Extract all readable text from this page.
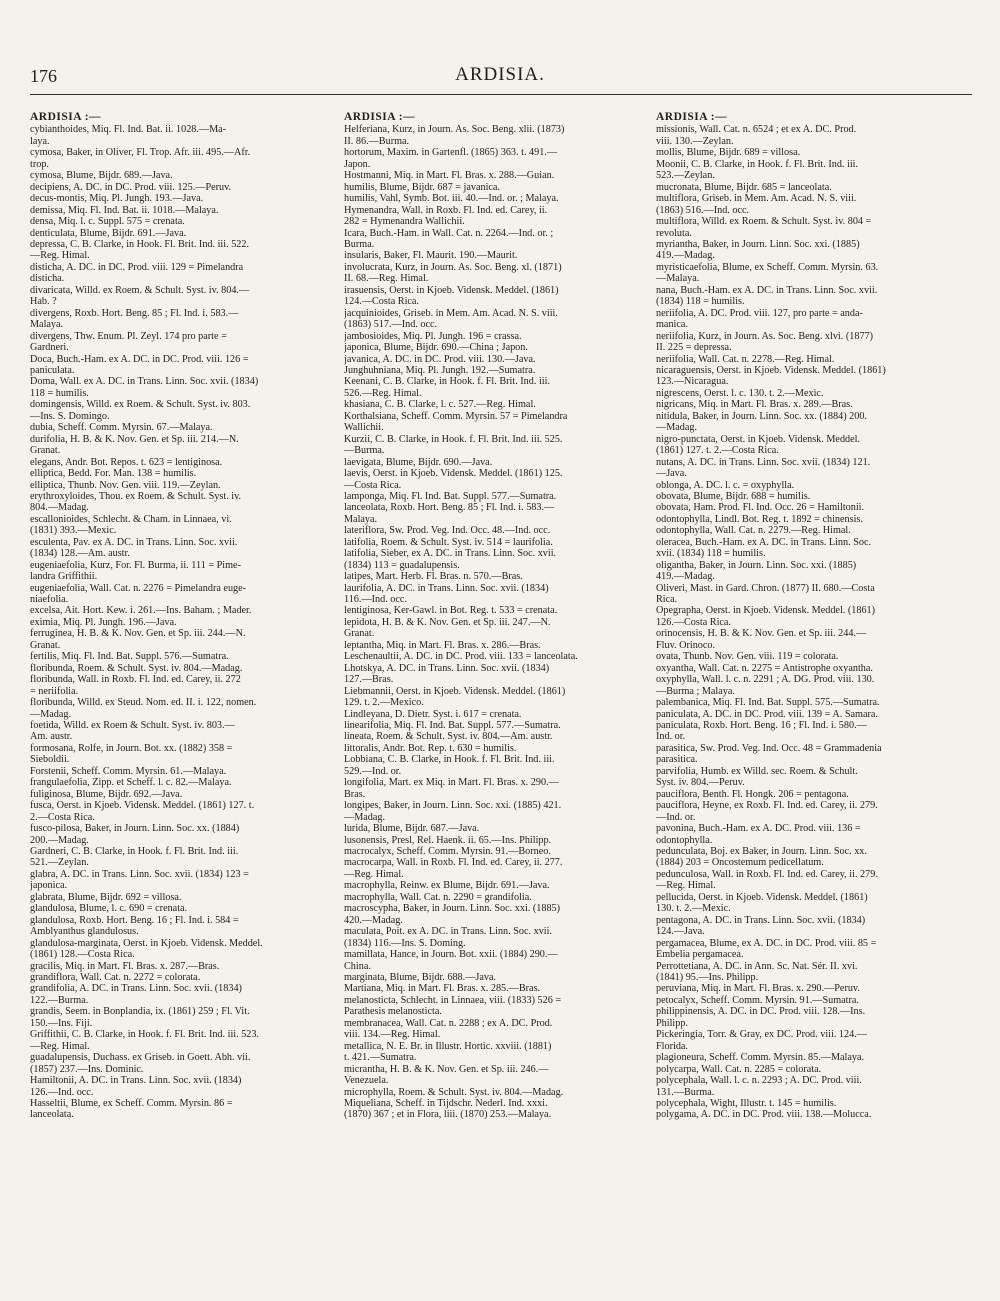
176	ARDISIA.
ARDISIA :—
cybianthoides, Miq. Fl. Ind. Bat. ii. 1028.—Ma-
laya.
cymosa, Baker, in Oliver, Fl. Trop. Afr. iii. 495.—Afr.
trop.
cymosa, Blume, Bijdr. 689.—Java.
decipiens, A. DC. in DC. Prod. viii. 125.—Peruv.
decus-montis, Miq. Pl. Jungh. 193.—Java.
demissa, Miq. Fl. Ind. Bat. ii. 1018.—Malaya.
densa, Miq. l. c. Suppl. 575 = crenata.
denticulata, Blume, Bijdr. 691.—Java.
depressa, C. B. Clarke, in Hook. Fl. Brit. Ind. iii. 522.
—Reg. Himal.
disticha, A. DC. in DC. Prod. viii. 129 = Pimelandra
disticha.
divaricata, Willd. ex Roem. & Schult. Syst. iv. 804.—
Hab. ?
divergens, Roxb. Hort. Beng. 85 ; Fl. Ind. i. 583.—
Malaya.
divergens, Thw. Enum. Pl. Zeyl. 174 pro parte =
Gardneri.
Doca, Buch.-Ham. ex A. DC. in DC. Prod. viii. 126 =
paniculata.
Doma, Wall. ex A. DC. in Trans. Linn. Soc. xvii. (1834)
118 = humilis.
domingensis, Willd. ex Roem. & Schult. Syst. iv. 803.
—Ins. S. Domingo.
dubia, Scheff. Comm. Myrsin. 67.—Malaya.
durifolia, H. B. & K. Nov. Gen. et Sp. iii. 214.—N.
Granat.
elegans, Andr. Bot. Repos. t. 623 = lentiginosa.
elliptica, Bedd. For. Man. 138 = humilis.
elliptica, Thunb. Nov. Gen. viii. 119.—Zeylan.
erythroxyloides, Thou. ex Roem. & Schult. Syst. iv.
804.—Madag.
escallonioides, Schlecht. & Cham. in Linnaea, vi.
(1831) 393.—Mexic.
esculenta, Pav. ex A. DC. in Trans. Linn. Soc. xvii.
(1834) 128.—Am. austr.
eugeniaefolia, Kurz, For. Fl. Burma, ii. 111 = Pime-
landra Griffithii.
eugeniaefolia, Wall. Cat. n. 2276 = Pimelandra euge-
niaefolia.
excelsa, Ait. Hort. Kew. i. 261.—Ins. Baham. ; Mader.
eximia, Miq. Pl. Jungh. 196.—Java.
ferruginea, H. B. & K. Nov. Gen. et Sp. iii. 244.—N.
Granat.
fertilis, Miq. Fl. Ind. Bat. Suppl. 576.—Sumatra.
floribunda, Roem. & Schult. Syst. iv. 804.—Madag.
floribunda, Wall. in Roxb. Fl. Ind. ed. Carey, ii. 272
= neriifolia.
floribunda, Willd. ex Steud. Nom. ed. II. i. 122, nomen.
—Madag.
foetida, Willd. ex Roem & Schult. Syst. iv. 803.—
Am. austr.
formosana, Rolfe, in Journ. Bot. xx. (1882) 358 =
Sieboldii.
Forstenii, Scheff. Comm. Myrsin. 61.—Malaya.
frangulaefolia, Zipp. et Scheff. l. c. 82.—Malaya.
fuliginosa, Blume, Bijdr. 692.—Java.
fusca, Oerst. in Kjoeb. Vidensk. Meddel. (1861) 127. t.
2.—Costa Rica.
fusco-pilosa, Baker, in Journ. Linn. Soc. xx. (1884)
200.—Madag.
Gardneri, C. B. Clarke, in Hook. f. Fl. Brit. Ind. iii.
521.—Zeylan.
glabra, A. DC. in Trans. Linn. Soc. xvii. (1834) 123 =
japonica.
glabrata, Blume, Bijdr. 692 = villosa.
glandulosa, Blume, l. c. 690 = crenata.
glandulosa, Roxb. Hort. Beng. 16 ; Fl. Ind. i. 584 =
Amblyanthus glandulosus.
glandulosa-marginata, Oerst. in Kjoeb. Vidensk. Meddel.
(1861) 128.—Costa Rica.
gracilis, Miq. in Mart. Fl. Bras. x. 287.—Bras.
grandiflora, Wall. Cat. n. 2272 = colorata.
grandifolia, A. DC. in Trans. Linn. Soc. xvii. (1834)
122.—Burma.
grandis, Seem. in Bonplandia, ix. (1861) 259 ; Fl. Vit.
150.—Ins. Fiji.
Griffithii, C. B. Clarke, in Hook. f. Fl. Brit. Ind. iii. 523.
—Reg. Himal.
guadalupensis, Duchass. ex Griseb. in Goett. Abh. vii.
(1857) 237.—Ins. Dominic.
Hamiltonii, A. DC. in Trans. Linn. Soc. xvii. (1834)
126.—Ind. occ.
Hasseltii, Blume, ex Scheff. Comm. Myrsin. 86 =
lanceolata.
ARDISIA :—
Helferiana, Kurz, in Journ. As. Soc. Beng. xlii. (1873)
II. 86.—Burma.
hortorum, Maxim. in Gartenfl. (1865) 363. t. 491.—
Japon.
Hostmanni, Miq. in Mart. Fl. Bras. x. 288.—Guian.
humilis, Blume, Bijdr. 687 = javanica.
humilis, Vahl, Symb. Bot. iii. 40.—Ind. or. ; Malaya.
Hymenandra, Wall. in Roxb. Fl. Ind. ed. Carey, ii.
282 = Hymenandra Wallichii.
Icara, Buch.-Ham. in Wall. Cat. n. 2264.—Ind. or. ;
Burma.
insularis, Baker, Fl. Maurit. 190.—Maurit.
involucrata, Kurz, in Journ. As. Soc. Beng. xl. (1871)
II. 68.—Reg. Himal.
irasuensis, Oerst. in Kjoeb. Vidensk. Meddel. (1861)
124.—Costa Rica.
jacquinioides, Griseb. in Mem. Am. Acad. N. S. viii.
(1863) 517.—Ind. occ.
jambosioides, Miq. Pl. Jungh. 196 = crassa.
japonica, Blume, Bijdr. 690.—China ; Japon.
javanica, A. DC. in DC. Prod. viii. 130.—Java.
Junghuhniana, Miq. Pl. Jungh. 192.—Sumatra.
Keenani, C. B. Clarke, in Hook. f. Fl. Brit. Ind. iii.
526.—Reg. Himal.
khasiana, C. B. Clarke, l. c. 527.—Reg. Himal.
Korthalsiana, Scheff. Comm. Myrsin. 57 = Pimelandra
Wallichii.
Kurzii, C. B. Clarke, in Hook. f. Fl. Brit. Ind. iii. 525.
—Burma.
laevigata, Blume, Bijdr. 690.—Java.
laevis, Oerst. in Kjoeb. Vidensk. Meddel. (1861) 125.
—Costa Rica.
lampongа, Miq. Fl. Ind. Bat. Suppl. 577.—Sumatra.
lanceolata, Roxb. Hort. Beng. 85 ; Fl. Ind. i. 583.—
Malaya.
lateriflora, Sw. Prod. Veg. Ind. Occ. 48.—Ind. occ.
latifolia, Roem. & Schult. Syst. iv. 514 = laurifolia.
latifolia, Sieber, ex A. DC. in Trans. Linn. Soc. xvii.
(1834) 113 = guadalupensis.
latipes, Mart. Herb. Fl. Bras. n. 570.—Bras.
laurifolia, A. DC. in Trans. Linn. Soc. xvii. (1834)
116.—Ind. occ.
lentiginosa, Ker-Gawl. in Bot. Reg. t. 533 = crenata.
lepidota, H. B. & K. Nov. Gen. et Sp. iii. 247.—N.
Granat.
leptantha, Miq. in Mart. Fl. Bras. x. 286.—Bras.
Leschenaultii, A. DC. in DC. Prod. viii. 133 = lanceolata.
Lhotskya, A. DC. in Trans. Linn. Soc. xvii. (1834)
127.—Bras.
Liebmannii, Oerst. in Kjoeb. Vidensk. Meddel. (1861)
129. t. 2.—Mexico.
Lindleyana, D. Dietr. Syst. i. 617 = crenata.
linearifolia, Miq. Fl. Ind. Bat. Suppl. 577.—Sumatra.
lineata, Roem. & Schult. Syst. iv. 804.—Am. austr.
littoralis, Andr. Bot. Rep. t. 630 = humilis.
Lobbiana, C. B. Clarke, in Hook. f. Fl. Brit. Ind. iii.
529.—Ind. or.
longifolia, Mart. ex Miq. in Mart. Fl. Bras. x. 290.—
Bras.
longipes, Baker, in Journ. Linn. Soc. xxi. (1885) 421.
—Madag.
lurida, Blume, Bijdr. 687.—Java.
lusonensis, Presl, Rel. Haenk. ii. 65.—Ins. Philipp.
macrocalyx, Scheff. Comm. Myrsin. 91.—Borneo.
macrocarpa, Wall. in Roxb. Fl. Ind. ed. Carey, ii. 277.
—Reg. Himal.
macrophylla, Reinw. ex Blume, Bijdr. 691.—Java.
macrophylla, Wall. Cat. n. 2290 = grandifolia.
macroscypha, Baker, in Journ. Linn. Soc. xxi. (1885)
420.—Madag.
maculata, Poit. ex A. DC. in Trans. Linn. Soc. xvii.
(1834) 116.—Ins. S. Doming.
mamillata, Hance, in Journ. Bot. xxii. (1884) 290.—
China.
marginata, Blume, Bijdr. 688.—Java.
Martiana, Miq. in Mart. Fl. Bras. x. 285.—Bras.
melanosticta, Schlecht. in Linnaea, viii. (1833) 526 =
Parathesis melanosticta.
membranacea, Wall. Cat. n. 2288 ; ex A. DC. Prod.
viii. 134.—Reg. Himal.
metallica, N. E. Br. in Illustr. Hortic. xxviii. (1881)
t. 421.—Sumatra.
micrantha, H. B. & K. Nov. Gen. et Sp. iii. 246.—
Venezuela.
microphylla, Roem. & Schult. Syst. iv. 804.—Madag.
Miqueliana, Scheff. in Tijdschr. Nederl. Ind. xxxi.
(1870) 367 ; et in Flora, liii. (1870) 253.—Malaya.
ARDISIA :—
missionis, Wall. Cat. n. 6524 ; et ex A. DC. Prod.
viii. 130.—Zeylan.
mollis, Blume, Bijdr. 689 = villosa.
Moonii, C. B. Clarke, in Hook. f. Fl. Brit. Ind. iii.
523.—Zeylan.
mucronata, Blume, Bijdr. 685 = lanceolata.
multiflora, Griseb. in Mem. Am. Acad. N. S. viii.
(1863) 516.—Ind. occ.
multiflora, Willd. ex Roem. & Schult. Syst. iv. 804 =
revoluta.
myriantha, Baker, in Journ. Linn. Soc. xxi. (1885)
419.—Madag.
myristicaefolia, Blume, ex Scheff. Comm. Myrsin. 63.
—Malaya.
nana, Buch.-Ham. ex A. DC. in Trans. Linn. Soc. xvii.
(1834) 118 = humilis.
neriifolia, A. DC. Prod. viii. 127, pro parte = anda-
manica.
neriifolia, Kurz, in Journ. As. Soc. Beng. xlvi. (1877)
II. 225 = depressa.
neriifolia, Wall. Cat. n. 2278.—Reg. Himal.
nicaraguensis, Oerst. in Kjoeb. Vidensk. Meddel. (1861)
123.—Nicaragua.
nigrescens, Oerst. l. c. 130. t. 2.—Mexic.
nigricans, Miq. in Mart. Fl. Bras. x. 289.—Bras.
nitidula, Baker, in Journ. Linn. Soc. xx. (1884) 200.
—Madag.
nigro-punctata, Oerst. in Kjoeb. Vidensk. Meddel.
(1861) 127. t. 2.—Costa Rica.
nutans, A. DC. in Trans. Linn. Soc. xvii. (1834) 121.
—Java.
oblonga, A. DC. l. c. = oxyphylla.
obovata, Blume, Bijdr. 688 = humilis.
obovata, Ham. Prod. Fl. Ind. Occ. 26 = Hamiltonii.
odontophylla, Lindl. Bot. Reg. t. 1892 = chinensis.
odontophylla, Wall. Cat. n. 2279.—Reg. Himal.
oleracea, Buch.-Ham. ex A. DC. in Trans. Linn. Soc.
xvii. (1834) 118 = humilis.
oligantha, Baker, in Journ. Linn. Soc. xxi. (1885)
419.—Madag.
Oliveri, Mast. in Gard. Chron. (1877) II. 680.—Costa
Rica.
Opegrapha, Oerst. in Kjoeb. Vidensk. Meddel. (1861)
126.—Costa Rica.
orinocensis, H. B. & K. Nov. Gen. et Sp. iii. 244.—
Fluv. Orinoco.
ovata, Thunb. Nov. Gen. viii. 119 = colorata.
oxyantha, Wall. Cat. n. 2275 = Antistrophe oxyantha.
oxyphylla, Wall. l. c. n. 2291 ; A. DG. Prod. viii. 130.
—Burma ; Malaya.
palembanica, Miq. Fl. Ind. Bat. Suppl. 575.—Sumatra.
paniculata, A. DC. in DC. Prod. viii. 139 = A. Samara.
paniculata, Roxb. Hort. Beng. 16 ; Fl. Ind. i. 580.—
Ind. or.
parasitica, Sw. Prod. Veg. Ind. Occ. 48 = Grammadenia
parasitica.
parvifolia, Humb. ex Willd. sec. Roem. & Schult.
Syst. iv. 804.—Peruv.
pauciflora, Benth. Fl. Hongk. 206 = pentagona.
pauciflora, Heyne, ex Roxb. Fl. Ind. ed. Carey, ii. 279.
—Ind. or.
pavonina, Buch.-Ham. ex A. DC. Prod. viii. 136 =
odontophylla.
pedunculata, Boj. ex Baker, in Journ. Linn. Soc. xx.
(1884) 203 = Oncostemum pedicellatum.
pedunculosa, Wall. in Roxb. Fl. Ind. ed. Carey, ii. 279.
—Reg. Himal.
pellucida, Oerst. in Kjoeb. Vidensk. Meddel. (1861)
130. t. 2.—Mexic.
pentagona, A. DC. in Trans. Linn. Soc. xvii. (1834)
124.—Java.
pergamacea, Blume, ex A. DC. in DC. Prod. viii. 85 =
Embelia pergamacea.
Perrottetiana, A. DC. in Ann. Sc. Nat. Sér. II. xvi.
(1841) 95.—Ins. Philipp.
peruviana, Miq. in Mart. Fl. Bras. x. 290.—Peruv.
petocalyx, Scheff. Comm. Myrsin. 91.—Sumatra.
philippinensis, A. DC. in DC. Prod. viii. 128.—Ins.
Philipp.
Pickeringia, Torr. & Gray, ex DC. Prod. viii. 124.—
Florida.
plagioneura, Scheff. Comm. Myrsin. 85.—Malaya.
polycarpa, Wall. Cat. n. 2285 = colorata.
polycephala, Wall. l. c. n. 2293 ; A. DC. Prod. viii.
131.—Burma.
polycephala, Wight, Illustr. t. 145 = humilis.
polygama, A. DC. in DC. Prod. viii. 138.—Molucca.
